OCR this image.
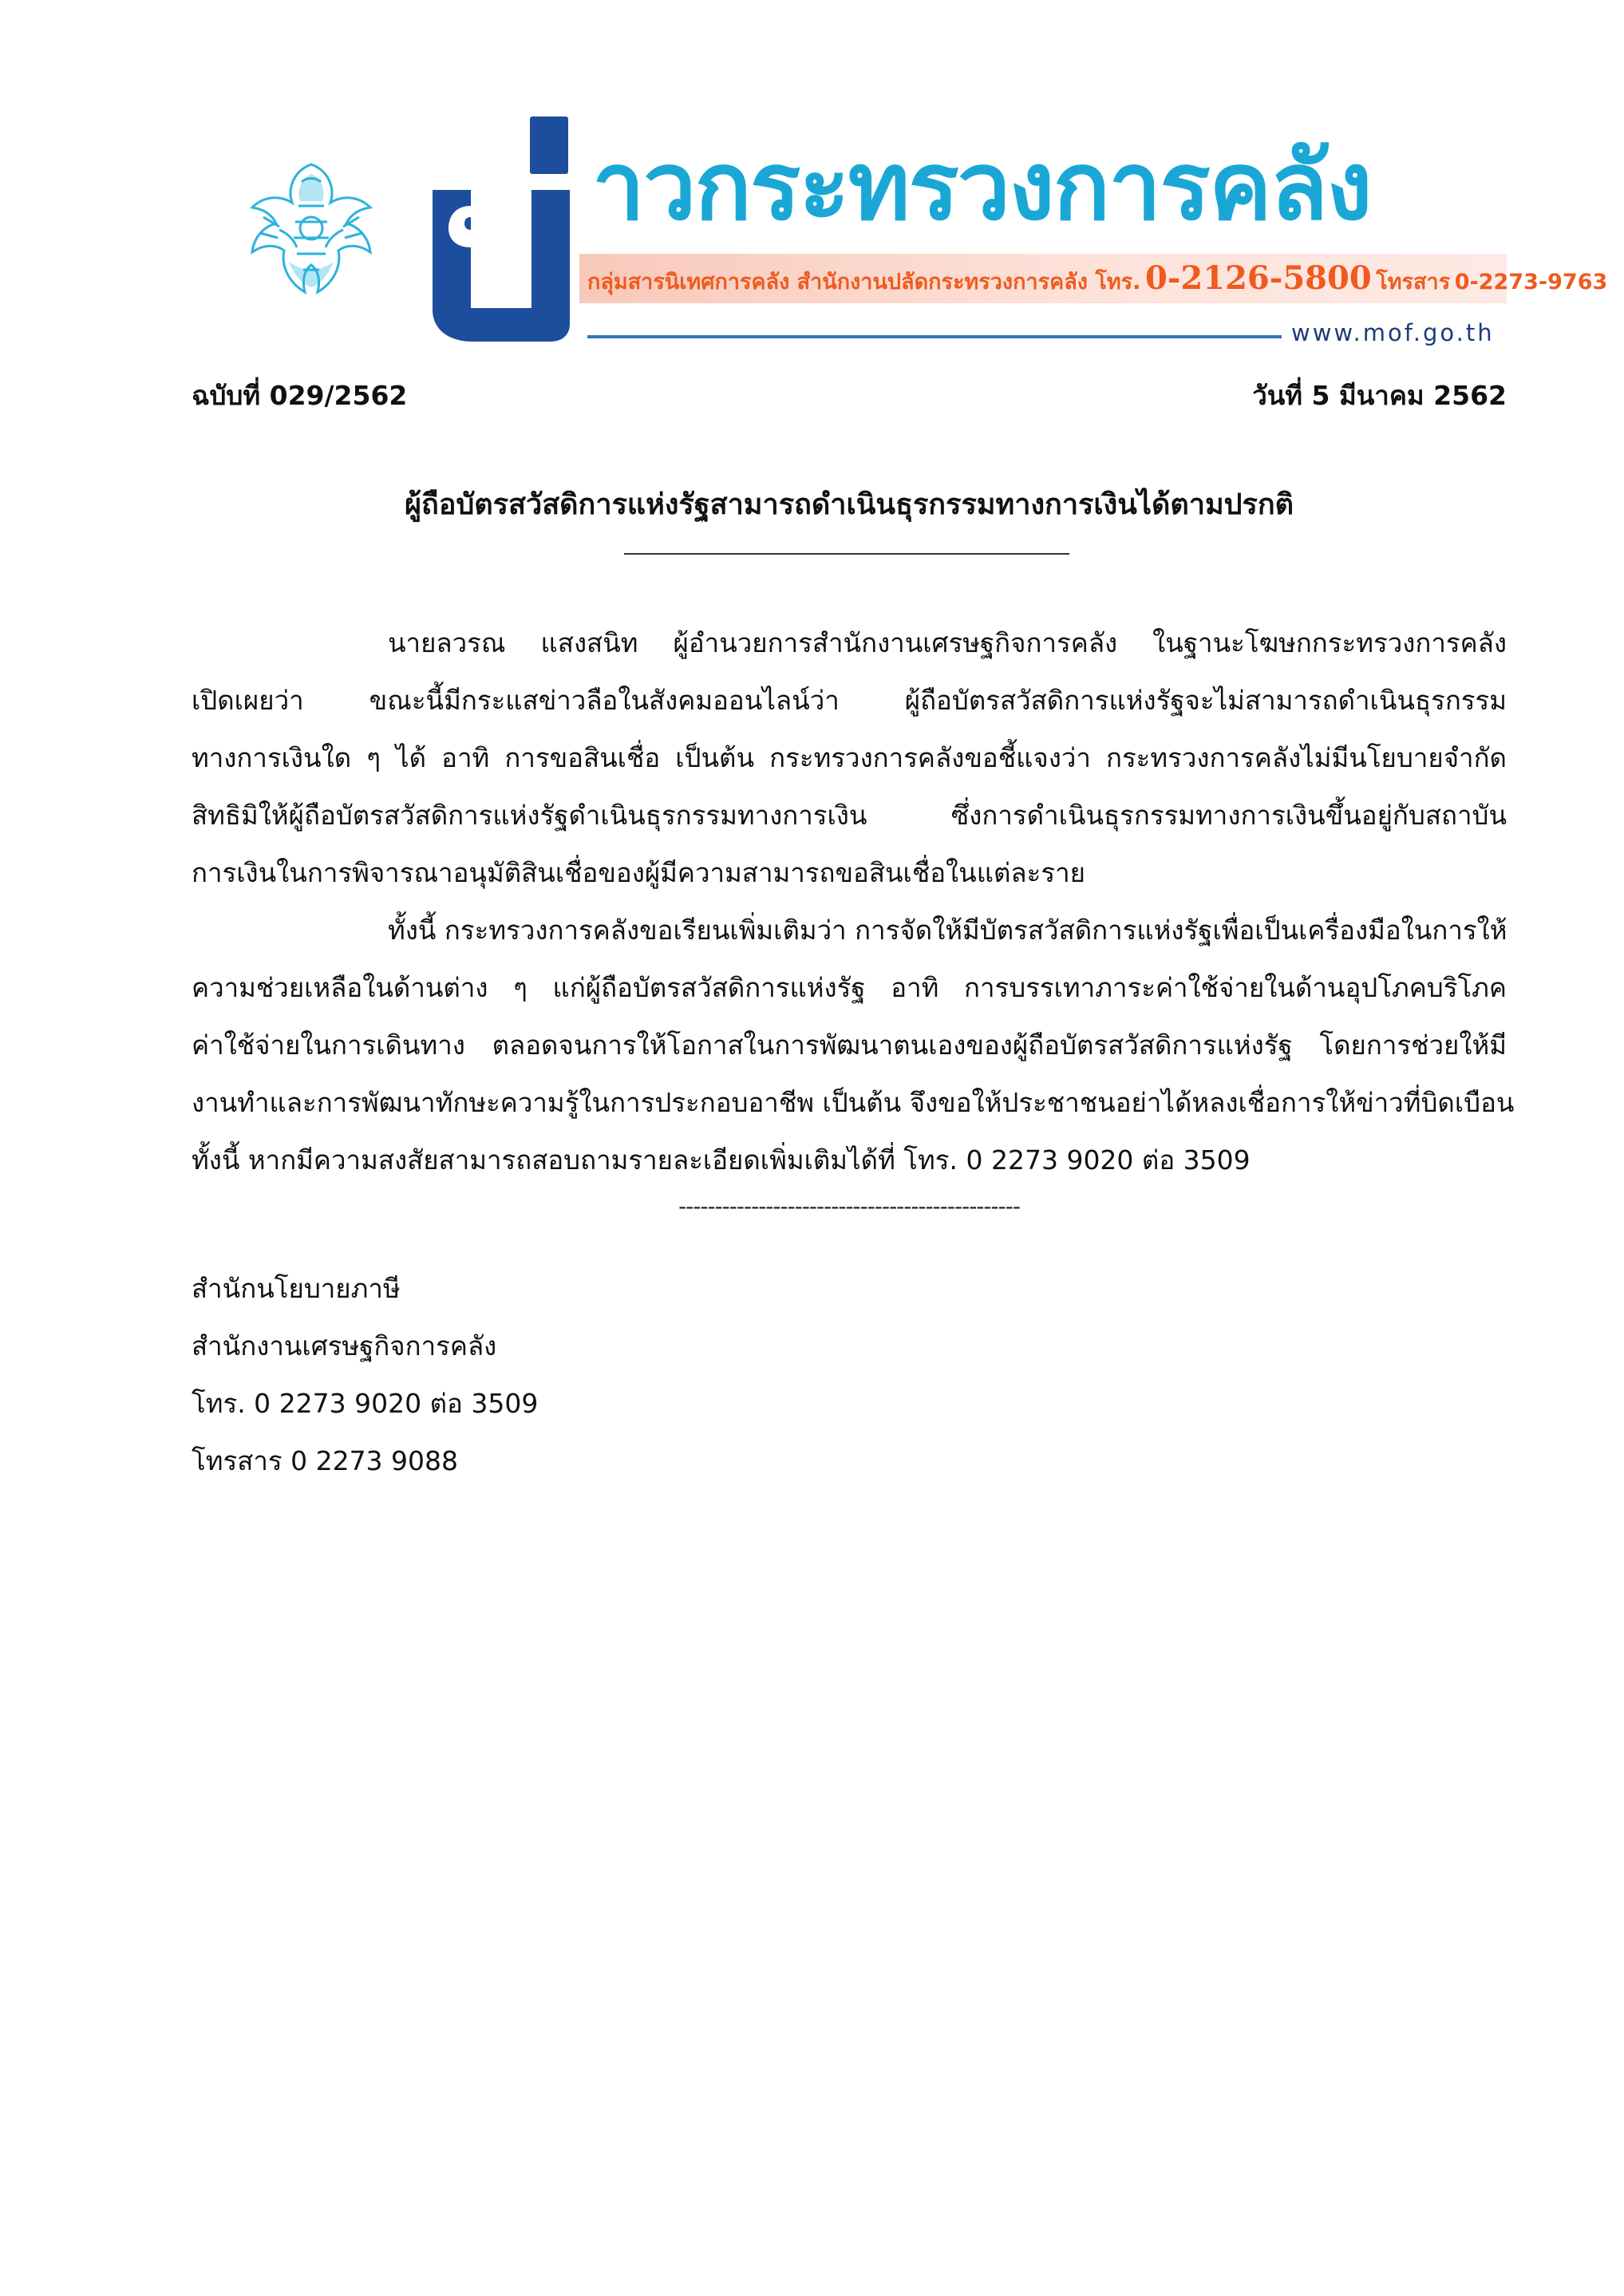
าวกระทรวงการคลัง
กลุ่มสารนิเทศการคลัง สำนักงานปลัดกระทรวงการคลัง โทร. 0-2126-5800 โทรสาร 0-2273-9763
www.mof.go.th
ฉบับที่ 029/2562	วันที่ 5 มีนาคม 2562
ผู้ถือบัตรสวัสดิการแห่งรัฐสามารถดำเนินธุรกรรมทางการเงินได้ตามปรกติ
นายลวรณ แสงสนิท ผู้อำนวยการสำนักงานเศรษฐกิจการคลัง ในฐานะโฆษกกระทรวงการคลัง
เปิดเผยว่า ขณะนี้มีกระแสข่าวลือในสังคมออนไลน์ว่า ผู้ถือบัตรสวัสดิการแห่งรัฐจะไม่สามารถดำเนินธุรกรรม
ทางการเงินใด ๆ ได้ อาทิ การขอสินเชื่อ เป็นต้น กระทรวงการคลังขอชี้แจงว่า กระทรวงการคลังไม่มีนโยบายจำกัด
สิทธิมิให้ผู้ถือบัตรสวัสดิการแห่งรัฐดำเนินธุรกรรมทางการเงิน ซึ่งการดำเนินธุรกรรมทางการเงินขึ้นอยู่กับสถาบัน
การเงินในการพิจารณาอนุมัติสินเชื่อของผู้มีความสามารถขอสินเชื่อในแต่ละราย
ทั้งนี้ กระทรวงการคลังขอเรียนเพิ่มเติมว่า การจัดให้มีบัตรสวัสดิการแห่งรัฐเพื่อเป็นเครื่องมือในการให้
ความช่วยเหลือในด้านต่าง ๆ แก่ผู้ถือบัตรสวัสดิการแห่งรัฐ อาทิ การบรรเทาภาระค่าใช้จ่ายในด้านอุปโภคบริโภค
ค่าใช้จ่ายในการเดินทาง ตลอดจนการให้โอกาสในการพัฒนาตนเองของผู้ถือบัตรสวัสดิการแห่งรัฐ โดยการช่วยให้มี
งานทำและการพัฒนาทักษะความรู้ในการประกอบอาชีพ เป็นต้น จึงขอให้ประชาชนอย่าได้หลงเชื่อการให้ข่าวที่บิดเบือน
ทั้งนี้ หากมีความสงสัยสามารถสอบถามรายละเอียดเพิ่มเติมได้ที่ โทร. 0 2273 9020 ต่อ 3509
-----------------------------------------------
สำนักนโยบายภาษี
สำนักงานเศรษฐกิจการคลัง
โทร. 0 2273 9020 ต่อ 3509
โทรสาร 0 2273 9088
